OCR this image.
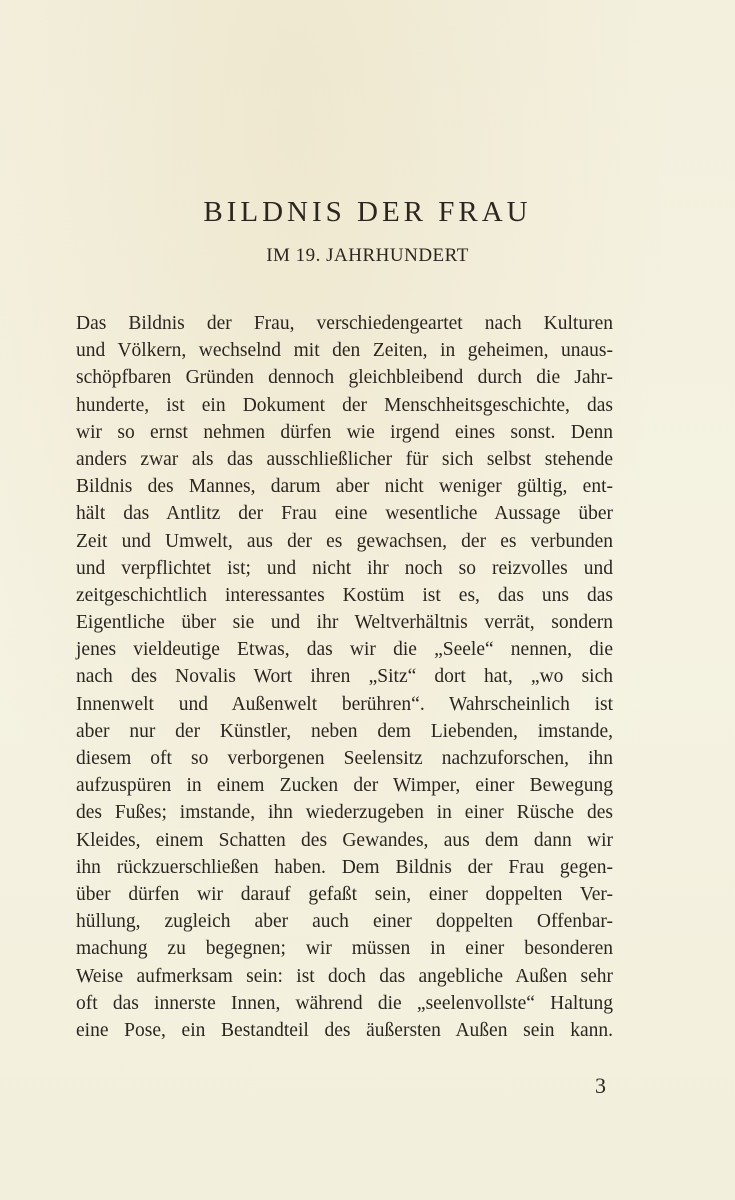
BILDNIS DER FRAU
IM 19. JAHRHUNDERT
Das Bildnis der Frau, verschiedengeartet nach Kulturen
und Völkern, wechselnd mit den Zeiten, in geheimen, unaus-
schöpfbaren Gründen dennoch gleichbleibend durch die Jahr-
hunderte, ist ein Dokument der Menschheitsgeschichte, das
wir so ernst nehmen dürfen wie irgend eines sonst. Denn
anders zwar als das ausschließlicher für sich selbst stehende
Bildnis des Mannes, darum aber nicht weniger gültig, ent-
hält das Antlitz der Frau eine wesentliche Aussage über
Zeit und Umwelt, aus der es gewachsen, der es verbunden
und verpflichtet ist; und nicht ihr noch so reizvolles und
zeitgeschichtlich interessantes Kostüm ist es, das uns das
Eigentliche über sie und ihr Weltverhältnis verrät, sondern
jenes vieldeutige Etwas, das wir die „Seele“ nennen, die
nach des Novalis Wort ihren „Sitz“ dort hat, „wo sich
Innenwelt und Außenwelt berühren“. Wahrscheinlich ist
aber nur der Künstler, neben dem Liebenden, imstande,
diesem oft so verborgenen Seelensitz nachzuforschen, ihn
aufzuspüren in einem Zucken der Wimper, einer Bewegung
des Fußes; imstande, ihn wiederzugeben in einer Rüsche des
Kleides, einem Schatten des Gewandes, aus dem dann wir
ihn rückzuerschließen haben. Dem Bildnis der Frau gegen-
über dürfen wir darauf gefaßt sein, einer doppelten Ver-
hüllung, zugleich aber auch einer doppelten Offenbar-
machung zu begegnen; wir müssen in einer besonderen
Weise aufmerksam sein: ist doch das angebliche Außen sehr
oft das innerste Innen, während die „seelenvollste“ Haltung
eine Pose, ein Bestandteil des äußersten Außen sein kann.
3
